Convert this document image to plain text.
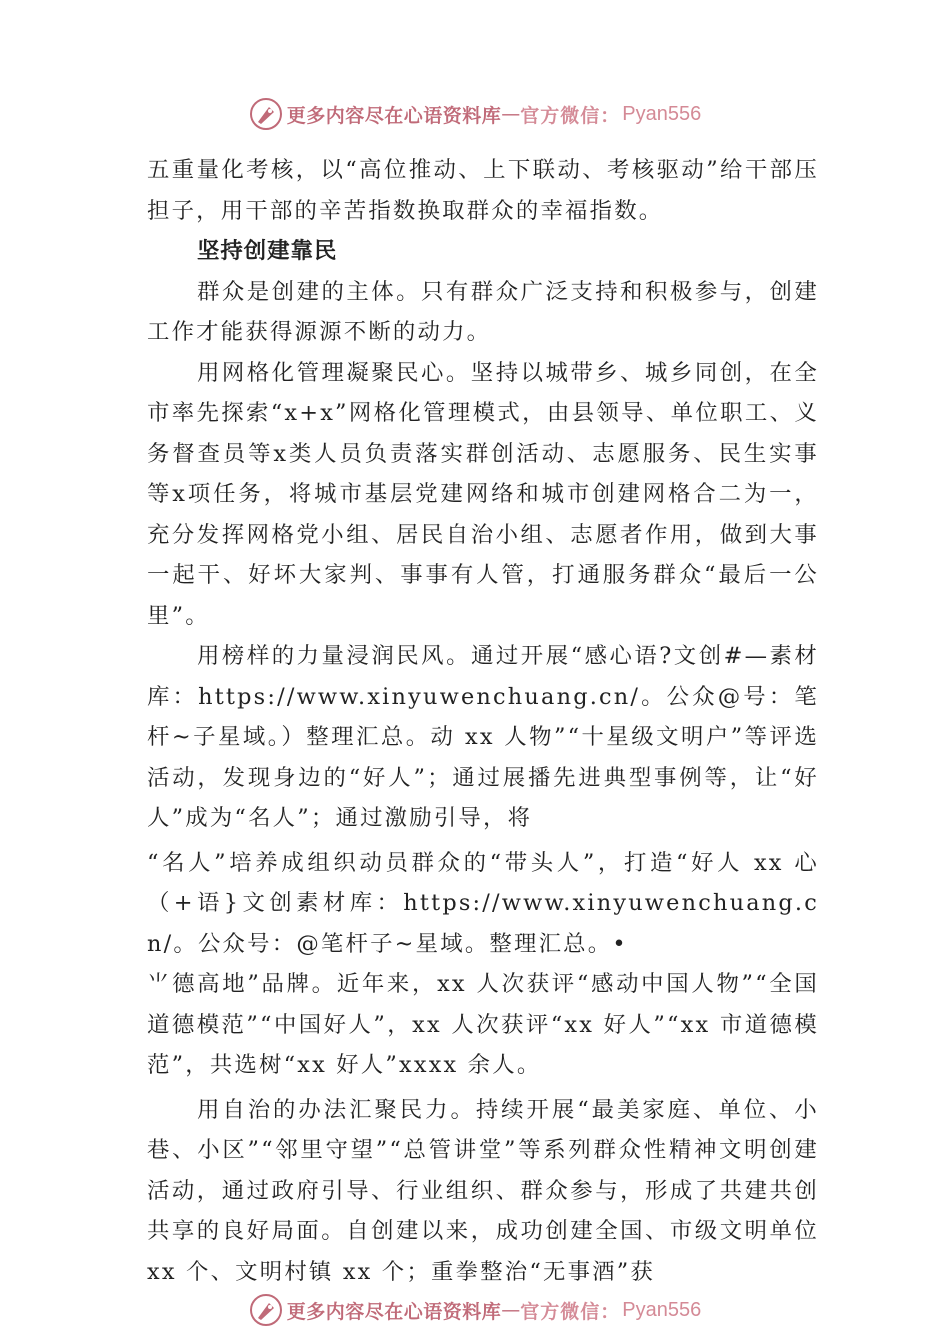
更多内容尽在心语资料库 — 官方微信： Pyan556

五重量化考核，以“高位推动、上下联动、考核驱动”给干部压担子，用干部的辛苦指数换取群众的幸福指数。

坚持创建靠民

群众是创建的主体。只有群众广泛支持和积极参与，创建工作才能获得源源不断的动力。

用网格化管理凝聚民心。坚持以城带乡、城乡同创，在全市率先探索“x+x”网格化管理模式，由县领导、单位职工、义务督查员等x类人员负责落实群创活动、志愿服务、民生实事等x项任务，将城市基层党建网络和城市创建网格合二为一，充分发挥网格党小组、居民自治小组、志愿者作用，做到大事一起干、好坏大家判、事事有人管，打通服务群众“最后一公里”。

用榜样的力量浸润民风。通过开展“感心语?文创#—素材库：https://www.xinyuwenchuang.cn/。公众@号：笔杆~子星域。）整理汇总。动 xx 人物”“十星级文明户”等评选活动，发现身边的“好人”；通过展播先进典型事例等，让“好人”成为“名人”；通过激励引导，将

“名人”培养成组织动员群众的“带头人”，打造“好人 xx 心（+语}文创素材库：https://www.xinyuwenchuang.cn/。公众号：@笔杆子~星域。整理汇总。•

⺌德高地”品牌。近年来，xx 人次获评“感动中国人物”“全国道德模范”“中国好人”，xx 人次获评“xx 好人”“xx 市道德模范”，共选树“xx 好人”xxxx 余人。

用自治的办法汇聚民力。持续开展“最美家庭、单位、小巷、小区”“邻里守望”“总管讲堂”等系列群众性精神文明创建活动，通过政府引导、行业组织、群众参与，形成了共建共创共享的良好局面。自创建以来，成功创建全国、市级文明单位 xx 个、文明村镇 xx 个；重拳整治“无事酒”获

更多内容尽在心语资料库 — 官方微信： Pyan556
